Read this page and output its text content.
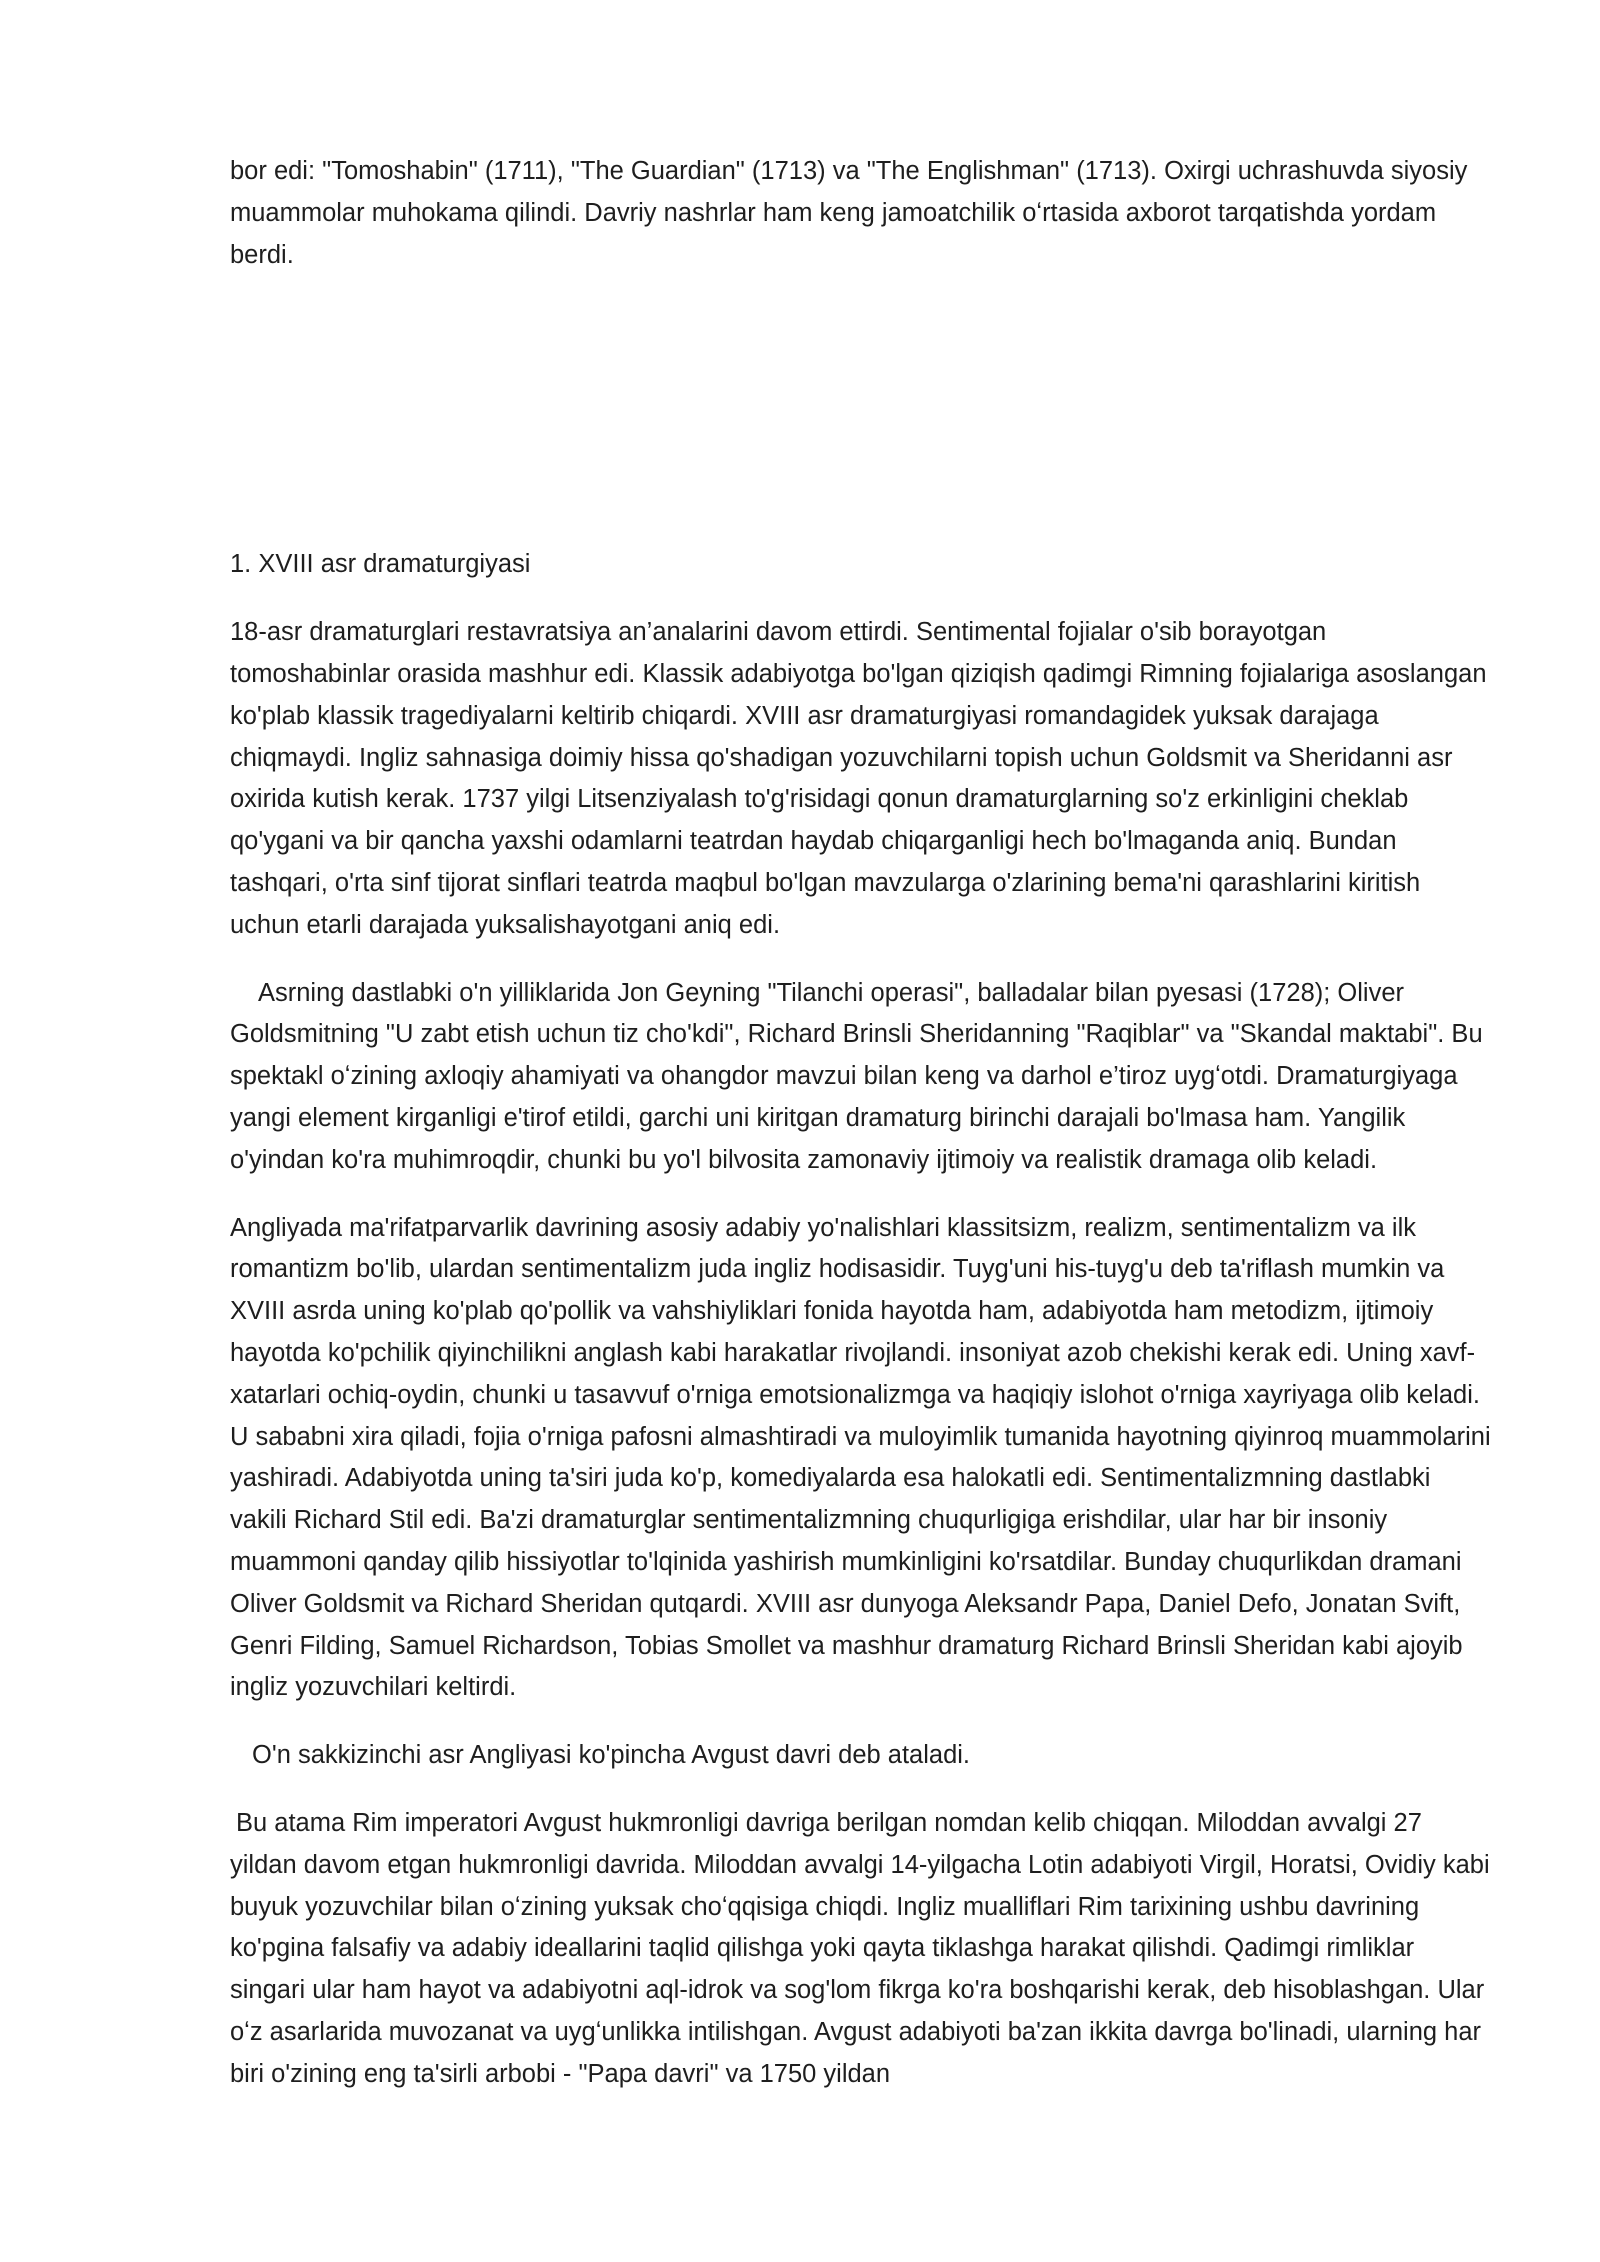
bor edi: "Tomoshabin" (1711), "The Guardian" (1713) va "The Englishman" (1713). Oxirgi uchrashuvda siyosiy muammolar muhokama qilindi. Davriy nashrlar ham keng jamoatchilik oʻrtasida axborot tarqatishda yordam berdi.

1. XVIII asr dramaturgiyasi

18-asr dramaturglari restavratsiya an’analarini davom ettirdi. Sentimental fojialar o'sib borayotgan tomoshabinlar orasida mashhur edi. Klassik adabiyotga bo'lgan qiziqish qadimgi Rimning fojialariga asoslangan ko'plab klassik tragediyalarni keltirib chiqardi. XVIII asr dramaturgiyasi romandagidek yuksak darajaga chiqmaydi. Ingliz sahnasiga doimiy hissa qo'shadigan yozuvchilarni topish uchun Goldsmit va Sheridanni asr oxirida kutish kerak. 1737 yilgi Litsenziyalash to'g'risidagi qonun dramaturglarning so'z erkinligini cheklab qo'ygani va bir qancha yaxshi odamlarni teatrdan haydab chiqarganligi hech bo'lmaganda aniq. Bundan tashqari, o'rta sinf tijorat sinflari teatrda maqbul bo'lgan mavzularga o'zlarining bema'ni qarashlarini kiritish uchun etarli darajada yuksalishayotgani aniq edi.

Asrning dastlabki o'n yilliklarida Jon Geyning "Tilanchi operasi", balladalar bilan pyesasi (1728); Oliver Goldsmitning "U zabt etish uchun tiz cho'kdi", Richard Brinsli Sheridanning "Raqiblar" va "Skandal maktabi". Bu spektakl oʻzining axloqiy ahamiyati va ohangdor mavzui bilan keng va darhol e’tiroz uygʻotdi. Dramaturgiyaga yangi element kirganligi e'tirof etildi, garchi uni kiritgan dramaturg birinchi darajali bo'lmasa ham. Yangilik o'yindan ko'ra muhimroqdir, chunki bu yo'l bilvosita zamonaviy ijtimoiy va realistik dramaga olib keladi.

Angliyada ma'rifatparvarlik davrining asosiy adabiy yo'nalishlari klassitsizm, realizm, sentimentalizm va ilk romantizm bo'lib, ulardan sentimentalizm juda ingliz hodisasidir. Tuyg'uni his-tuyg'u deb ta'riflash mumkin va XVIII asrda uning ko'plab qo'pollik va vahshiyliklari fonida hayotda ham, adabiyotda ham metodizm, ijtimoiy hayotda ko'pchilik qiyinchilikni anglash kabi harakatlar rivojlandi. insoniyat azob chekishi kerak edi. Uning xavf-xatarlari ochiq-oydin, chunki u tasavvuf o'rniga emotsionalizmga va haqiqiy islohot o'rniga xayriyaga olib keladi. U sababni xira qiladi, fojia o'rniga pafosni almashtiradi va muloyimlik tumanida hayotning qiyinroq muammolarini yashiradi. Adabiyotda uning ta'siri juda ko'p, komediyalarda esa halokatli edi. Sentimentalizmning dastlabki vakili Richard Stil edi. Ba'zi dramaturglar sentimentalizmning chuqurligiga erishdilar, ular har bir insoniy muammoni qanday qilib hissiyotlar to'lqinida yashirish mumkinligini ko'rsatdilar. Bunday chuqurlikdan dramani Oliver Goldsmit va Richard Sheridan qutqardi. XVIII asr dunyoga Aleksandr Papa, Daniel Defo, Jonatan Svift, Genri Filding, Samuel Richardson, Tobias Smollet va mashhur dramaturg Richard Brinsli Sheridan kabi ajoyib ingliz yozuvchilari keltirdi.

O'n sakkizinchi asr Angliyasi ko'pincha Avgust davri deb ataladi.

Bu atama Rim imperatori Avgust hukmronligi davriga berilgan nomdan kelib chiqqan. Miloddan avvalgi 27 yildan davom etgan hukmronligi davrida. Miloddan avvalgi 14-yilgacha Lotin adabiyoti Virgil, Horatsi, Ovidiy kabi buyuk yozuvchilar bilan oʻzining yuksak choʻqqisiga chiqdi. Ingliz mualliflari Rim tarixining ushbu davrining ko'pgina falsafiy va adabiy ideallarini taqlid qilishga yoki qayta tiklashga harakat qilishdi. Qadimgi rimliklar singari ular ham hayot va adabiyotni aql-idrok va sog'lom fikrga ko'ra boshqarishi kerak, deb hisoblashgan. Ular oʻz asarlarida muvozanat va uygʻunlikka intilishgan. Avgust adabiyoti ba'zan ikkita davrga bo'linadi, ularning har biri o'zining eng ta'sirli arbobi - "Papa davri" va 1750 yildan
